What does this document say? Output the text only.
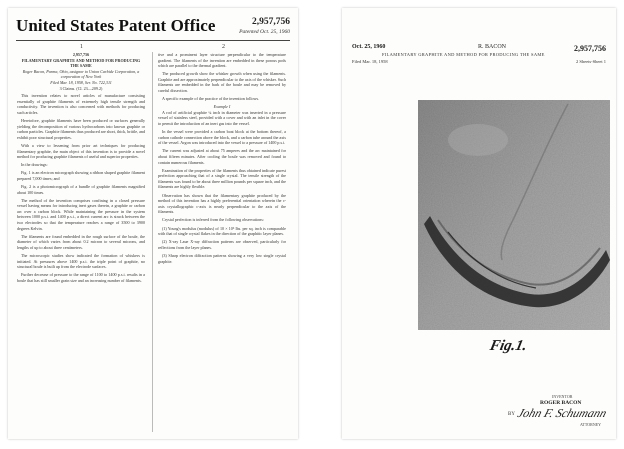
United States Patent Office	2,957,756
Patented Oct. 25, 1960
1	2
2,957,756
FILAMENTARY GRAPHITE AND METHOD FOR PRODUCING THE SAME
Roger Bacon, Parma, Ohio, assignor to Union Carbide Corporation, a corporation of New York
Filed Mar. 18, 1958, Ser. No. 722,311
3 Claims. (Cl. 23—209.2)

This invention relates to novel articles of manufacture consisting essentially of graphite filaments of extremely high tensile strength and conductivity. The invention is also concerned with methods for producing such articles.

Heretofore, graphite filaments have been produced or surfaces generally yielding the decomposition of various hydrocarbons into known graphite or carbon particles. Graphite filaments thus produced are short, thick, brittle, and exhibit poor structural properties.

With a view to lessening from prior art techniques for producing filamentary graphite, the main object of this invention is to provide a novel method for producing graphite filaments of useful and superior properties.

In the drawings:

Fig. 1 is an electron micrograph showing a ribbon shaped graphite filament prepared 7,000 times; and

Fig. 2 is a photomicrograph of a bundle of graphite filaments magnified about 100 times.

The method of the invention comprises confining in a closed pressure vessel having means for introducing inert gases therein, a graphite or carbon arc over a carbon block. While maintaining the pressure in the system between 1000 p.s.i. and 1400 p.s.i., a direct current arc is struck between the two electrodes so that the temperature reaches a range of 3500 to 3900 degrees Kelvin.

The filaments are found embedded in the rough surface of the boule, the diameter of which varies from about 0.2 micron to several microns, and lengths of up to about three centimeters.

The microscopic studies show indicated the formation of whiskers is initiated. At pressures above 1400 p.s.i. the triple point of graphite, no structural boule is built up from the electrode surfaces.

Further decrease of pressure to the range of 1100 to 1400 p.s.i. results in a boule that has still smaller grain size and an increasing number of filaments.

tive and a prominent layer structure perpendicular to the temperature gradient. The filaments of the invention are embedded in these porous pods which are parallel to the thermal gradient.

The produced growth show the whisker growth when using the filaments. Graphite and are approximately perpendicular to the axis of the whisker. Such filaments are embedded in the bark of the boule and may be removed by careful dissection.

A specific example of the practice of the invention follows.

Example I

A rod of artificial graphite ¼ inch in diameter was inserted in a pressure vessel of stainless steel, provided with a cover and with an inlet in the cover to permit the introduction of an inert gas into the vessel.

In the vessel were provided a carbon boat block at the bottom thereof, a carbon cathode connection above the block, and a carbon tube around the axis of the vessel. Argon was introduced into the vessel to a pressure of 1400 p.s.i.

The current was adjusted at about 75 amperes and the arc maintained for about fifteen minutes. After cooling the boule was removed and found to contain numerous filaments.

Examination of the properties of the filaments thus obtained indicate purest perfection approaching that of a single crystal. The tensile strength of the filaments was found to be about three million pounds per square inch, and the filaments are highly flexible.

Observation has shown that the filamentary graphite produced by the method of this invention has a highly preferential orientation wherein the c-axis crystallographic c-axis is nearly perpendicular to the axis of the filaments.

Crystal perfection is inferred from the following observations:

(1) Young's modulus (modulus) of 10 × 10⁶ lbs. per sq. inch is comparable with that of single crystal flakes in the direction of the graphitic layer planes.

(2) X-ray Laue X-ray diffraction patterns are observed, particularly for reflections from the layer planes.

(3) Sharp electron diffraction patterns showing a very low single crystal graphite.

Oct. 25, 1960	R. BACON	2,957,756
FILAMENTARY GRAPHITE AND METHOD FOR PRODUCING THE SAME
Filed Mar. 18, 1958	2 Sheets-Sheet 1
Fig.1.
INVENTOR
ROGER BACON
BY John F. Schumann
ATTORNEY
